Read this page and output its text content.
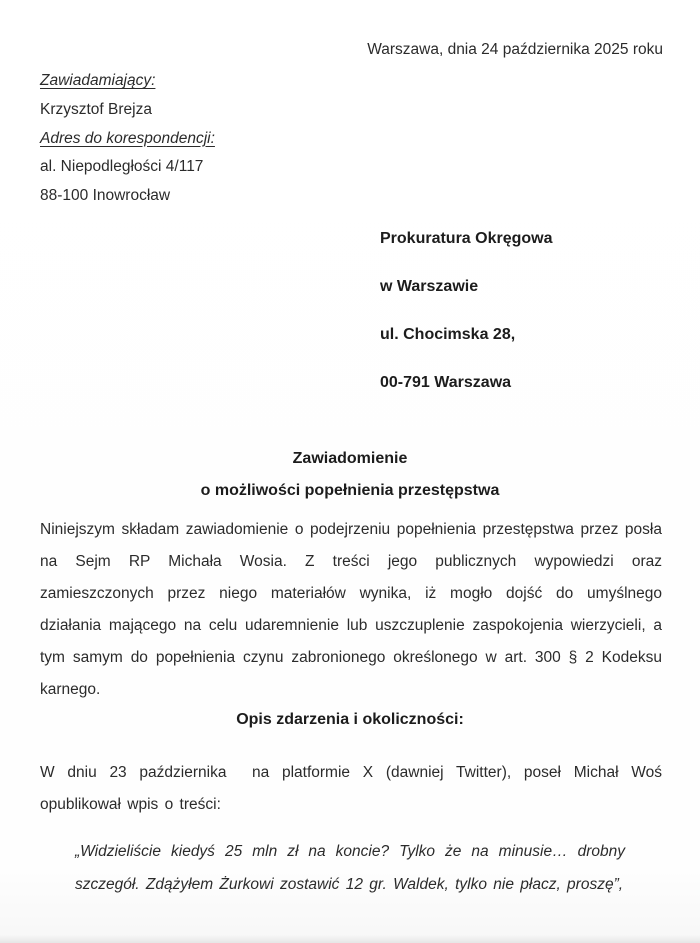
Warszawa, dnia 24 października 2025 roku
Zawiadamiający:
Krzysztof Brejza
Adres do korespondencji:
al. Niepodległości 4/117
88-100 Inowrocław
Prokuratura Okręgowa
w Warszawie
ul. Chocimska 28,
00-791 Warszawa
Zawiadomienie
o możliwości popełnienia przestępstwa

Niniejszym składam zawiadomienie o podejrzeniu popełnienia przestępstwa przez posła na Sejm RP Michała Wosia. Z treści jego publicznych wypowiedzi oraz zamieszczonych przez niego materiałów wynika, iż mogło dojść do umyślnego działania mającego na celu udaremnienie lub uszczuplenie zaspokojenia wierzycieli, a tym samym do popełnienia czynu zabronionego określonego w art. 300 § 2 Kodeksu karnego.

Opis zdarzenia i okoliczności:

W dniu 23 października  na platformie X (dawniej Twitter), poseł Michał Woś opublikował wpis o treści:

„Widzieliście kiedyś 25 mln zł na koncie? Tylko że na minusie… drobny szczegół. Zdążyłem Żurkowi zostawić 12 gr. Waldek, tylko nie płacz, proszę”,
